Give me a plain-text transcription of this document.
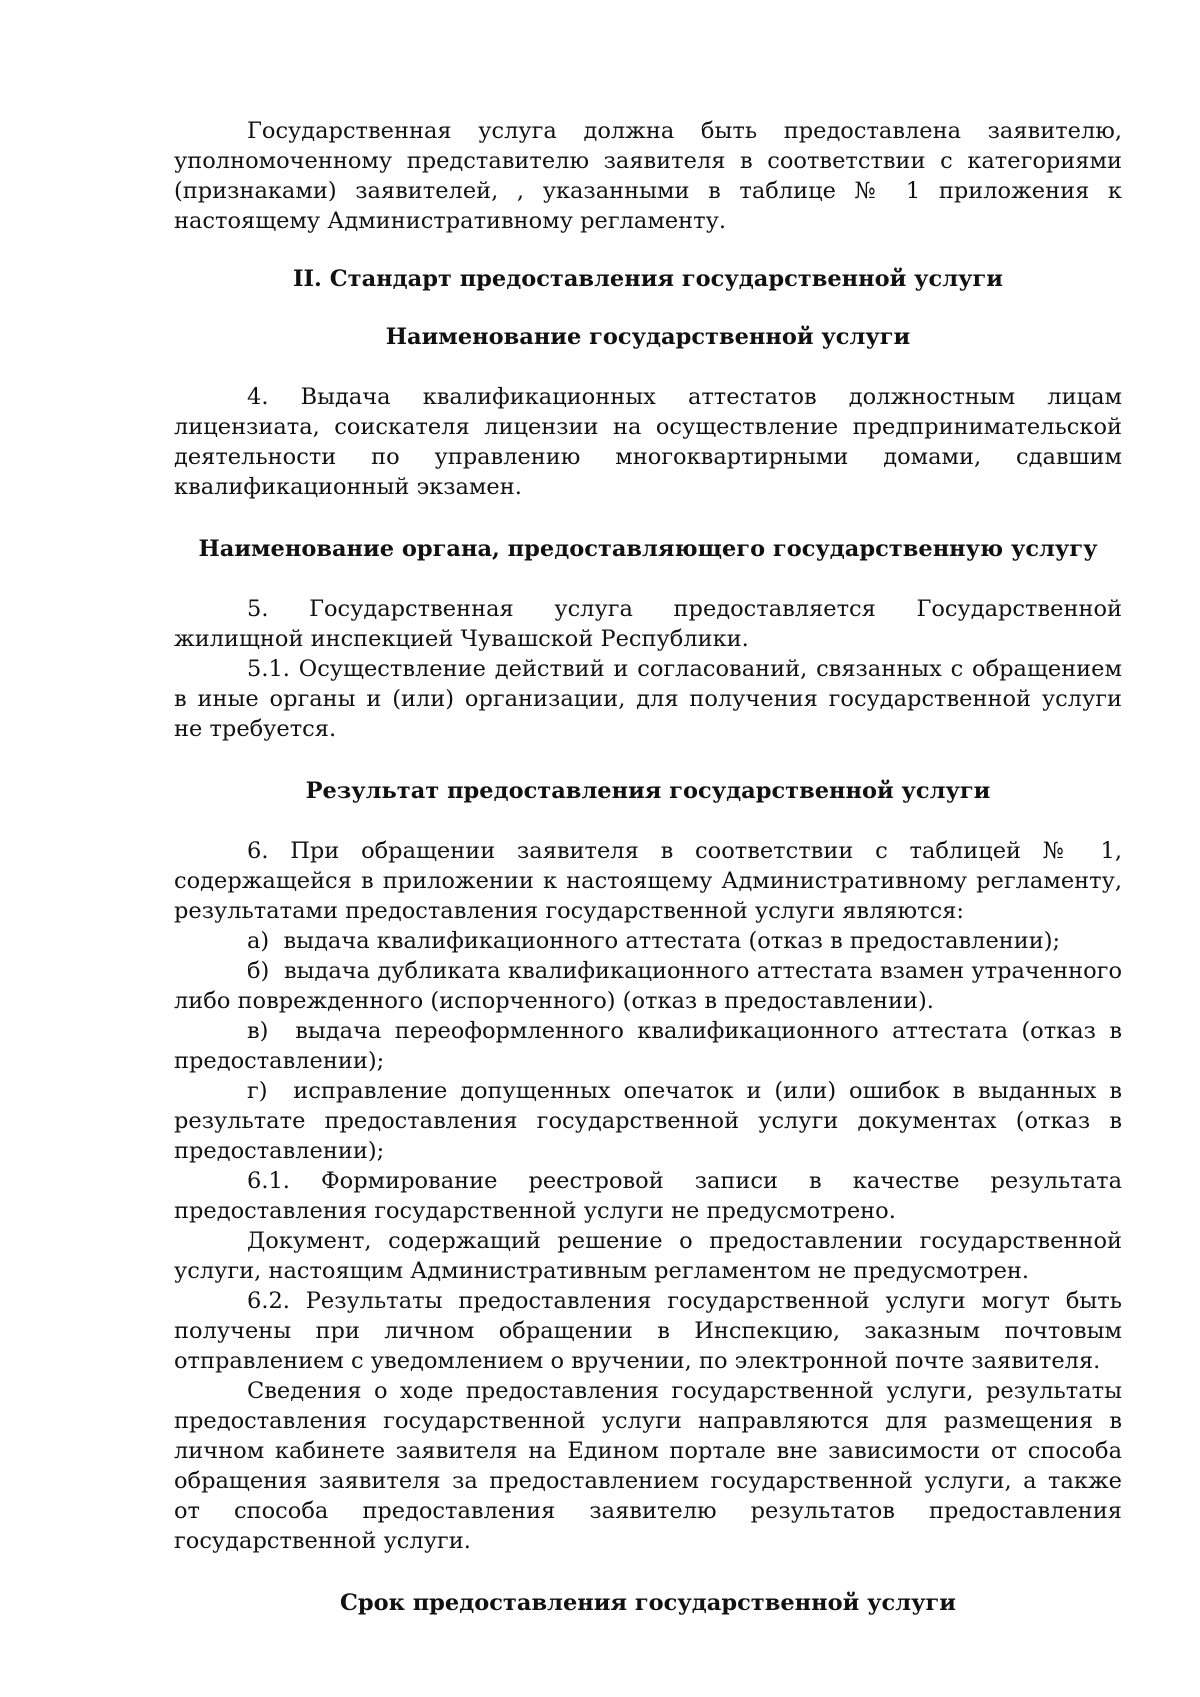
Государственная услуга должна быть предоставлена заявителю, уполномоченному представителю заявителя в соответствии с категориями (признаками) заявителей, , указанными в таблице № 1 приложения к настоящему Административному регламенту.

II. Стандарт предоставления государственной услуги
Наименование государственной услуги

4. Выдача квалификационных аттестатов должностным лицам лицензиата, соискателя лицензии на осуществление предпринимательской деятельности по управлению многоквартирными домами, сдавшим квалификационный экзамен.

Наименование органа, предоставляющего государственную услугу

5. Государственная услуга предоставляется Государственной жилищной инспекцией Чувашской Республики.

5.1. Осуществление действий и согласований, связанных с обращением в иные органы и (или) организации, для получения государственной услуги не требуется.

Результат предоставления государственной услуги

6. При обращении заявителя в соответствии с таблицей № 1, содержащейся в приложении к настоящему Административному регламенту, результатами предоставления государственной услуги являются:

а)  выдача квалификационного аттестата (отказ в предоставлении);

б)  выдача дубликата квалификационного аттестата взамен утраченного либо поврежденного (испорченного) (отказ в предоставлении).

в)  выдача переоформленного квалификационного аттестата (отказ в предоставлении);

г)  исправление допущенных опечаток и (или) ошибок в выданных в результате предоставления государственной услуги документах (отказ в предоставлении);

6.1. Формирование реестровой записи в качестве результата предоставления государственной услуги не предусмотрено.

Документ, содержащий решение о предоставлении государственной услуги, настоящим Административным регламентом не предусмотрен.

6.2. Результаты предоставления государственной услуги могут быть получены при личном обращении в Инспекцию, заказным почтовым отправлением с уведомлением о вручении, по электронной почте заявителя.

Сведения о ходе предоставления государственной услуги, результаты предоставления государственной услуги направляются для размещения в личном кабинете заявителя на Едином портале вне зависимости от способа обращения заявителя за предоставлением государственной услуги, а также от способа предоставления заявителю результатов предоставления государственной услуги.

Срок предоставления государственной услуги
